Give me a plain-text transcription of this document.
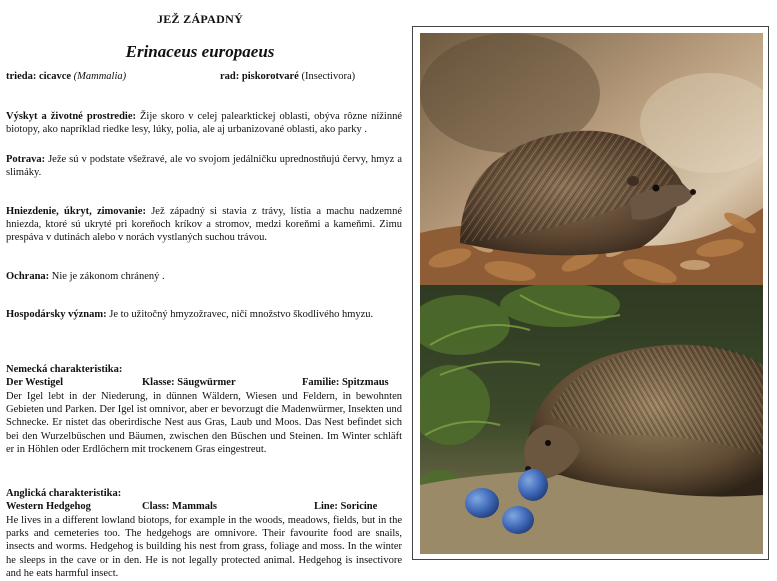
JEŽ ZÁPADNÝ
Erinaceus europaeus
trieda: cicavce (Mammalia)	rad: piskorotvaré (Insectivora)
Výskyt a životné prostredie: Žije skoro v celej palearktickej oblasti, obýva rôzne nížinné biotopy, ako napríklad riedke lesy, lúky, polia, ale aj urbanizované oblasti, ako parky .
Potrava: Ježe sú v podstate všežravé, ale vo svojom jedálničku uprednostňujú červy, hmyz a slimáky.
Hniezdenie, úkryt, zimovanie: Jež západný si stavia z trávy, lístia a machu nadzemné hniezda, ktoré sú ukryté pri koreňoch kríkov a stromov, medzi koreňmi a kameňmi. Zimu prespáva v dutinách alebo v norách vystlaných suchou trávou.
Ochrana: Nie je zákonom chránený .
Hospodársky význam: Je to užitočný hmyzožravec, ničí množstvo škodlivého hmyzu.
Nemecká charakteristika:
Der Westigel	Klasse: Säugwürmer	Familie: Spitzmaus
Der Igel lebt in der Niederung, in dünnen Wäldern, Wiesen und Feldern, in bewohnten Gebieten und Parken. Der Igel ist omnivor, aber er bevorzugt die Madenwürmer, Insekten und Schnecke. Er nistet das oberirdische Nest aus Gras, Laub und Moos. Das Nest befindet sich bei den Wurzelbüschen und Bäumen, zwischen den Büschen und Steinen. Im Winter schläft er in Höhlen oder Erdlöchern mit trockenem Gras eingestreut.
Anglická charakteristika:
Western Hedgehog	Class: Mammals	Line: Soricine
He lives in a different lowland biotops, for example in the woods, meadows, fields, but in the parks and cemeteries too. The hedgehogs are omnivore. Their favourite food are snails, insects and worms. Hedgehog is building his nest from grass, foliage and moss. In the winter he sleeps in the cave or in den. He is not legally protected animal. Hedgehog is insectivore and he eats harmful insect.
